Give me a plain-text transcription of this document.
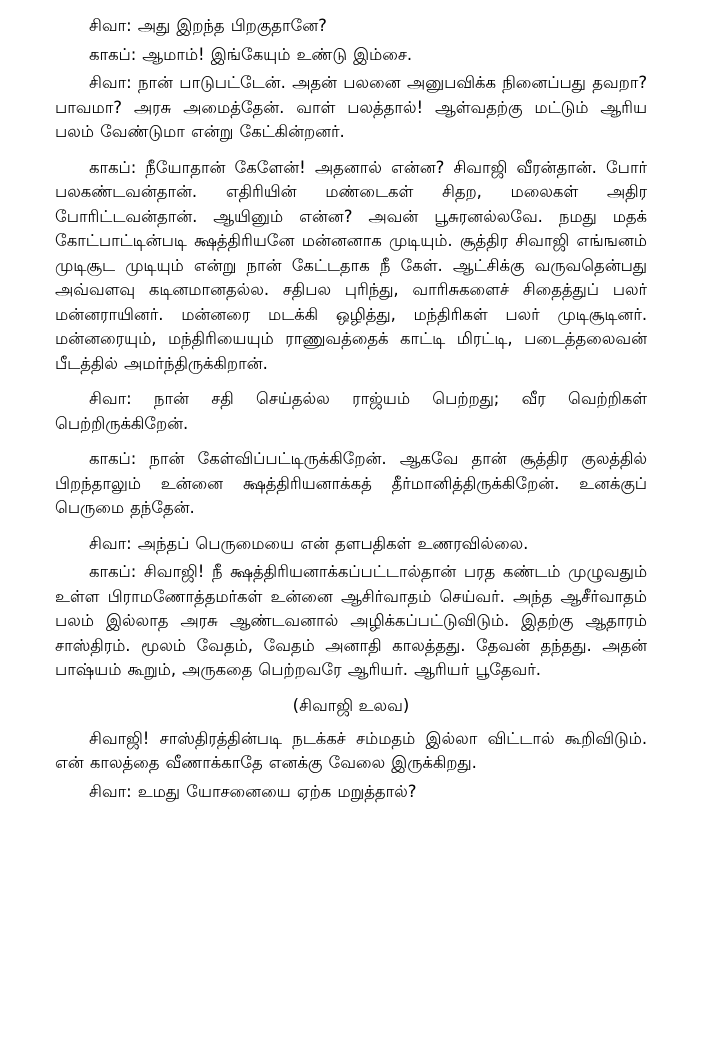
சிவா: அது இறந்த பிறகுதானே?

காகப்: ஆமாம்! இங்கேயும் உண்டு இம்சை.

சிவா: நான் பாடுபட்டேன். அதன் பலனை அனுபவிக்க நினைப்பது தவறா? பாவமா? அரசு அமைத்தேன். வாள் பலத்தால்! ஆள்வதற்கு மட்டும் ஆரிய பலம் வேண்டுமா என்று கேட்கின்றனர்.

காகப்: நீயோதான் கேளேன்! அதனால் என்ன? சிவாஜி வீரன்தான். போர் பலகண்டவன்தான். எதிரியின் மண்டைகள் சிதற, மலைகள் அதிர போரிட்டவன்தான். ஆயினும் என்ன? அவன் பூசுரனல்லவே. நமது மதக் கோட்பாட்டின்படி க்ஷத்திரியனே மன்னனாக முடியும். சூத்திர சிவாஜி எங்ஙனம் முடிசூட முடியும் என்று நான் கேட்டதாக நீ கேள். ஆட்சிக்கு வருவதென்பது அவ்வளவு கடினமானதல்ல. சதிபல புரிந்து, வாரிசுகளைச் சிதைத்துப் பலர் மன்னராயினர். மன்னரை மடக்கி ஒழித்து, மந்திரிகள் பலர் முடிசூடினர். மன்னரையும், மந்திரியையும் ராணுவத்தைக் காட்டி மிரட்டி, படைத்தலைவன் பீடத்தில் அமர்ந்திருக்கிறான்.

சிவா: நான் சதி செய்தல்ல ராஜ்யம் பெற்றது; வீர வெற்றிகள் பெற்றிருக்கிறேன்.

காகப்: நான் கேள்விப்பட்டிருக்கிறேன். ஆகவே தான் சூத்திர குலத்தில் பிறந்தாலும் உன்னை க்ஷத்திரியனாக்கத் தீர்மானித்திருக்கிறேன். உனக்குப் பெருமை தந்தேன்.

சிவா: அந்தப் பெருமையை என் தளபதிகள் உணரவில்லை.

காகப்: சிவாஜி! நீ க்ஷத்திரியனாக்கப்பட்டால்தான் பரத கண்டம் முழுவதும் உள்ள பிராமணோத்தமர்கள் உன்னை ஆசிர்வாதம் செய்வர். அந்த ஆசீர்வாதம் பலம் இல்லாத அரசு ஆண்டவனால் அழிக்கப்பட்டுவிடும். இதற்கு ஆதாரம் சாஸ்திரம். மூலம் வேதம், வேதம் அனாதி காலத்தது. தேவன் தந்தது. அதன் பாஷ்யம் கூறும், அருகதை பெற்றவரே ஆரியர். ஆரியர் பூதேவர்.

(சிவாஜி உலவ)

சிவாஜி! சாஸ்திரத்தின்படி நடக்கச் சம்மதம் இல்லா விட்டால் கூறிவிடும். என் காலத்தை வீணாக்காதே எனக்கு வேலை இருக்கிறது.

சிவா: உமது யோசனையை ஏற்க மறுத்தால்?
